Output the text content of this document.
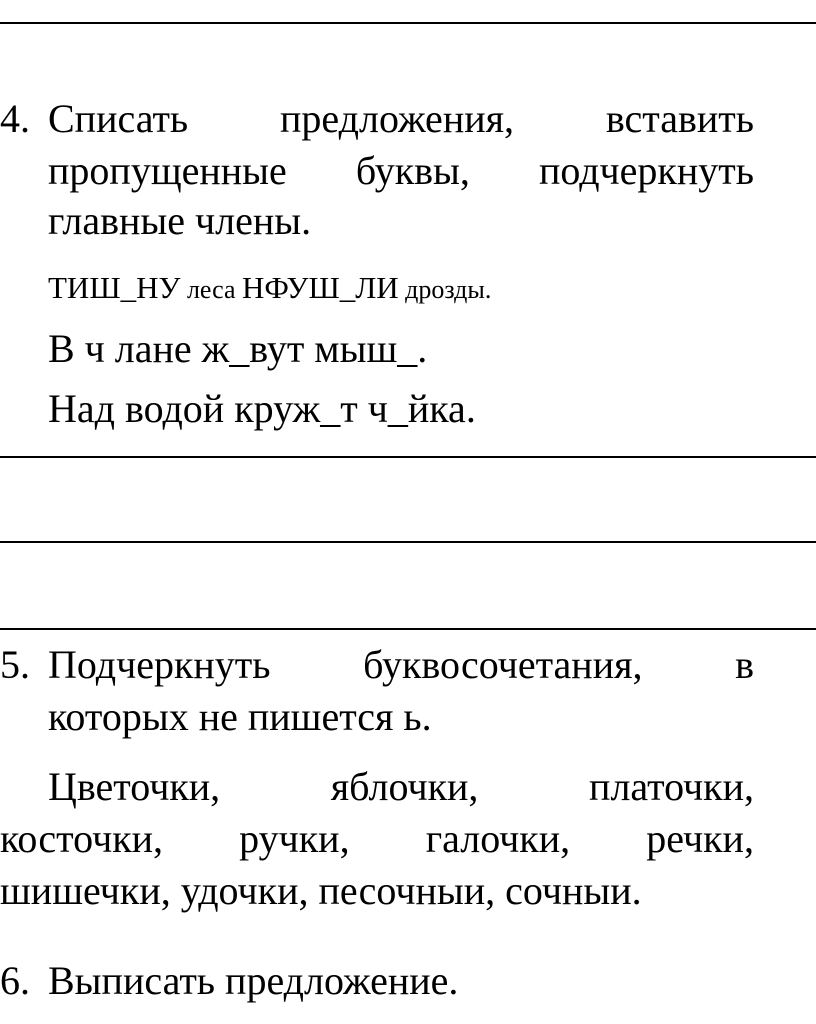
4. Списать предложения, вставить
пропущенные буквы, подчеркнуть
главные члены.
ТИШ_НУ леса НФУШ_ЛИ дрозды.
В ч лане ж_вут мыш_.
Над водой круж_т ч_йка.
5. Подчеркнуть буквосочетания, в
которых не пишется ь.
Цветочки,	яблочки,	платочки,
косточки, ручки, галочки, речки,
шишечки, удочки, песочныи, сочныи.
6. Выписать предложение.
